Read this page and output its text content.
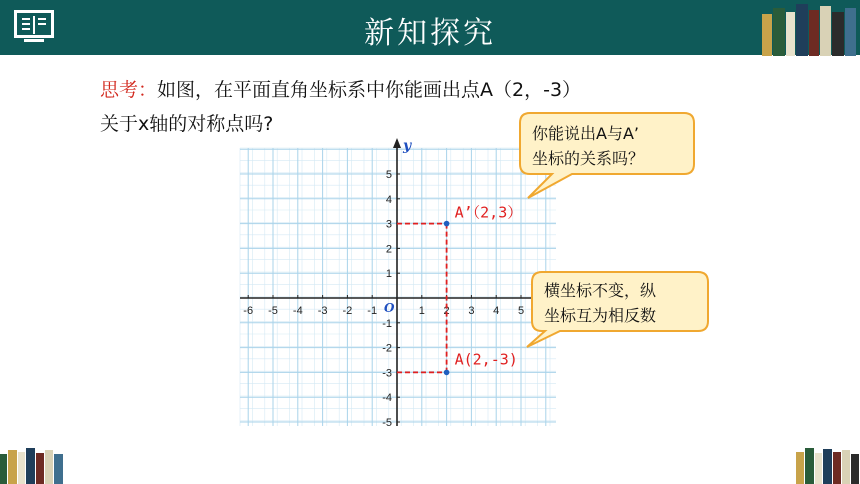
新知探究
思考：如图，在平面直角坐标系中你能画出点A（2，-3）
关于x轴的对称点吗?
y
O
-6 -5 -4 -3 -2 -1	1 2 3 4 5
5
4
3
2
1
-1
-2
-3
-4
-5
A’（2,3）
A(2,-3)
你能说出A与A’
坐标的关系吗？
横坐标不变，纵
坐标互为相反数
